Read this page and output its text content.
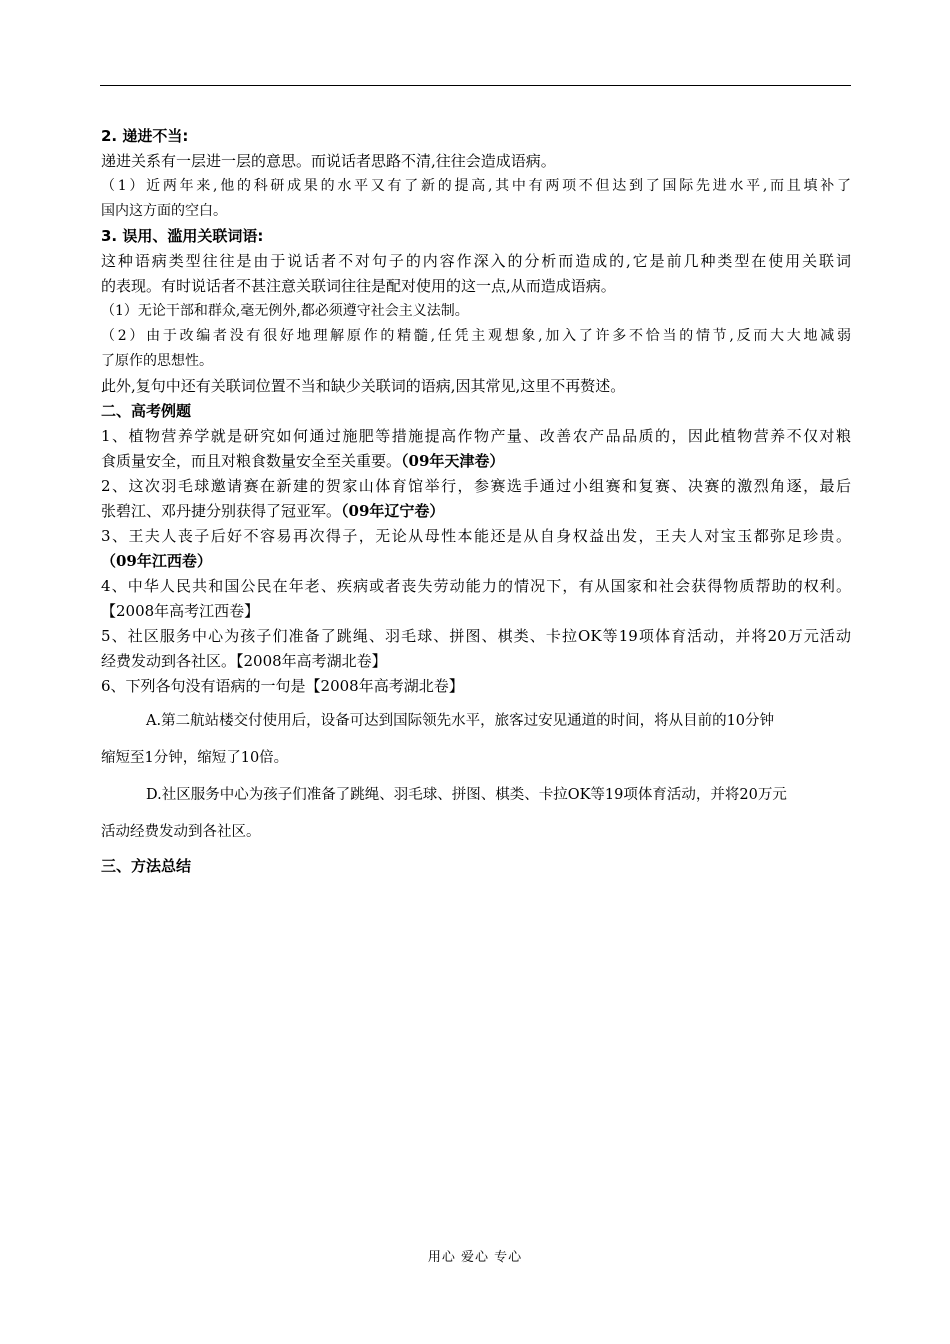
2. 递进不当:
递进关系有一层进一层的意思。而说话者思路不清,往往会造成语病。
（1）近两年来,他的科研成果的水平又有了新的提高,其中有两项不但达到了国际先进水平,而且填补了
国内这方面的空白。
3. 误用、滥用关联词语:
这种语病类型往往是由于说话者不对句子的内容作深入的分析而造成的,它是前几种类型在使用关联词
的表现。有时说话者不甚注意关联词往往是配对使用的这一点,从而造成语病。
（1）无论干部和群众,毫无例外,都必须遵守社会主义法制。
（2）由于改编者没有很好地理解原作的精髓,任凭主观想象,加入了许多不恰当的情节,反而大大地减弱
了原作的思想性。
此外,复句中还有关联词位置不当和缺少关联词的语病,因其常见,这里不再赘述。
二、高考例题
1、植物营养学就是研究如何通过施肥等措施提高作物产量、改善农产品品质的，因此植物营养不仅对粮
食质量安全，而且对粮食数量安全至关重要。（09年天津卷）
2、这次羽毛球邀请赛在新建的贺家山体育馆举行，参赛选手通过小组赛和复赛、决赛的激烈角逐，最后
张碧江、邓丹捷分别获得了冠亚军。（09年辽宁卷）
3、王夫人丧子后好不容易再次得子，无论从母性本能还是从自身权益出发，王夫人对宝玉都弥足珍贵。
（09年江西卷）
4、中华人民共和国公民在年老、疾病或者丧失劳动能力的情况下，有从国家和社会获得物质帮助的权利。
【2008年高考江西卷】
5、社区服务中心为孩子们准备了跳绳、羽毛球、拼图、棋类、卡拉OK等19项体育活动，并将20万元活动
经费发动到各社区。【2008年高考湖北卷】
6、下列各句没有语病的一句是【2008年高考湖北卷】
A.第二航站楼交付使用后，设备可达到国际领先水平，旅客过安见通道的时间，将从目前的10分钟
缩短至1分钟，缩短了10倍。
D.社区服务中心为孩子们准备了跳绳、羽毛球、拼图、棋类、卡拉OK等19项体育活动，并将20万元
活动经费发动到各社区。
三、方法总结
用心 爱心 专心
